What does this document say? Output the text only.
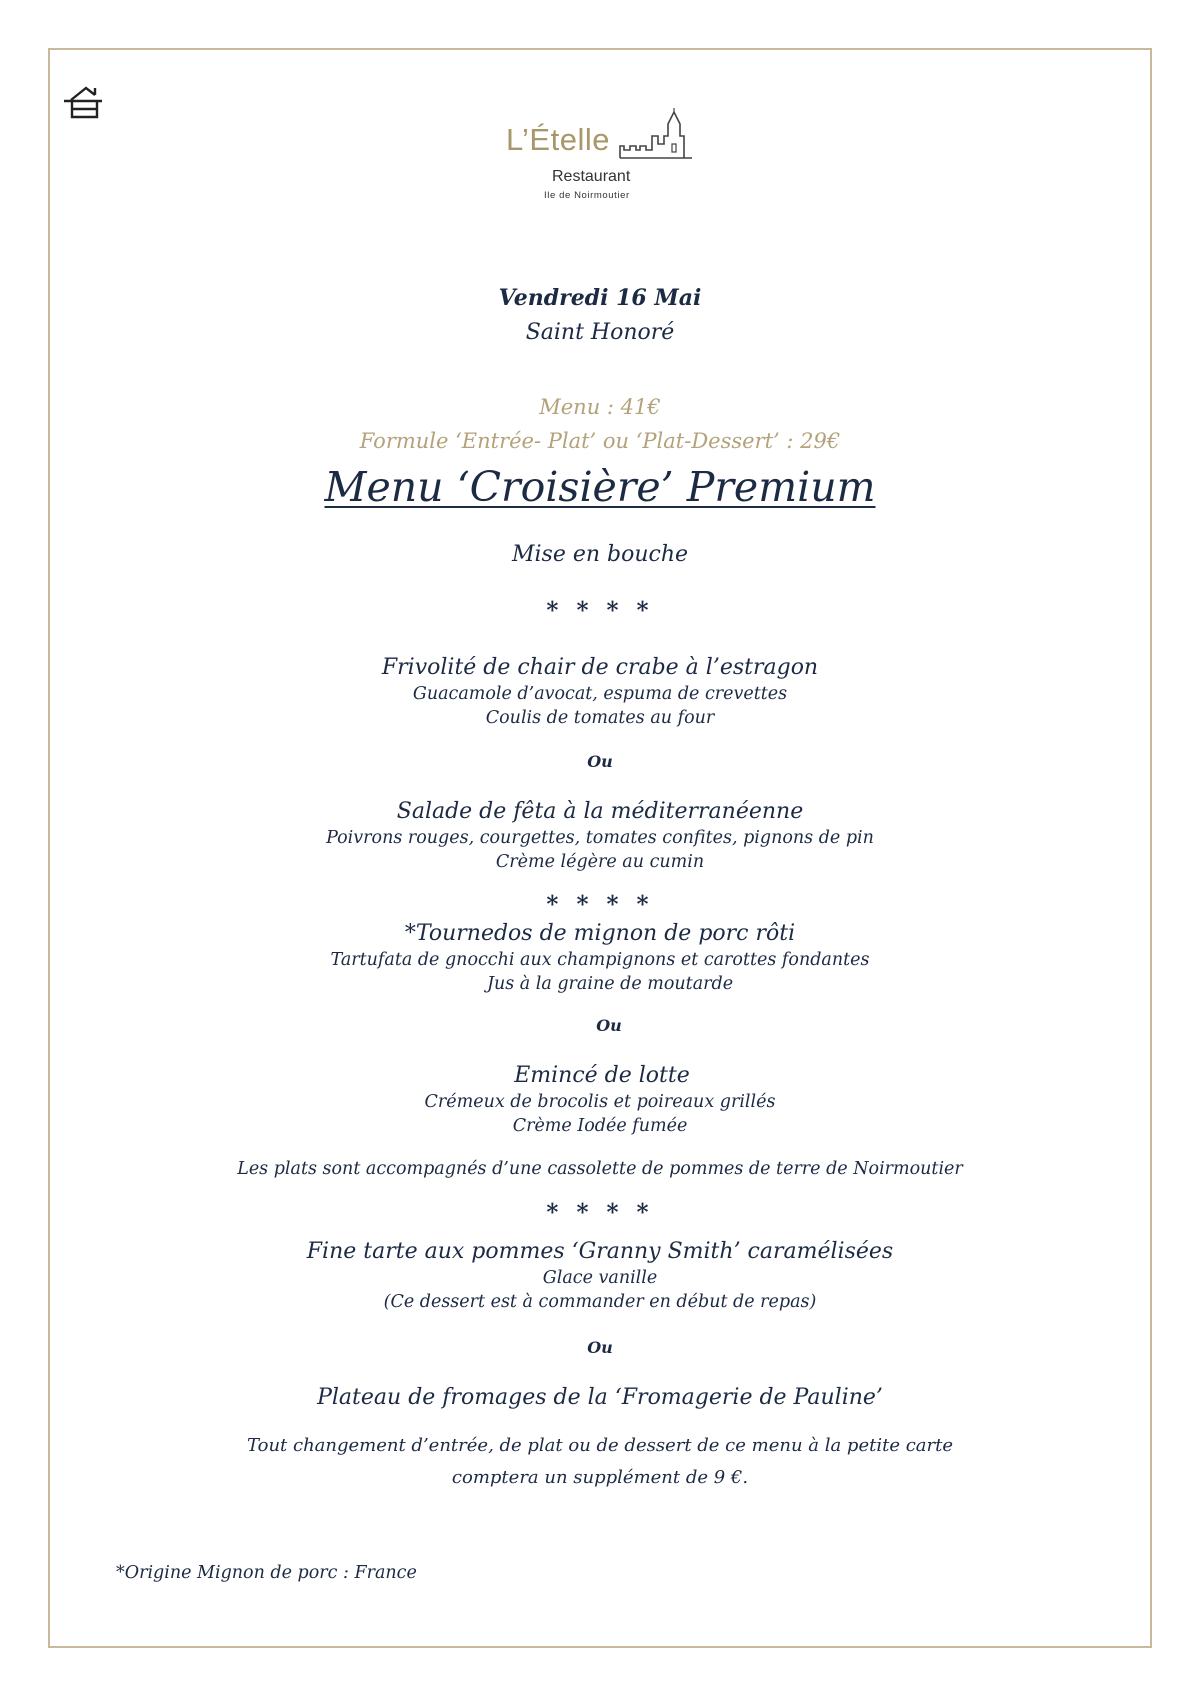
L’Ételle
Restaurant
Ile de Noirmoutier

Vendredi 16 Mai

Saint Honoré

Menu : 41€

Formule ‘Entrée- Plat’ ou ‘Plat-Dessert’ : 29€

Menu ‘Croisière’ Premium

Mise en bouche

* * * *

Frivolité de chair de crabe à l’estragon

Guacamole d’avocat, espuma de crevettes

Coulis de tomates au four

Ou

Salade de fêta à la méditerranéenne

Poivrons rouges, courgettes, tomates confites, pignons de pin

Crème légère au cumin

* * * *

*Tournedos de mignon de porc rôti

Tartufata de gnocchi aux champignons et carottes fondantes

Jus à la graine de moutarde

Ou

Emincé de lotte

Crémeux de brocolis et poireaux grillés

Crème Iodée fumée

Les plats sont accompagnés d’une cassolette de pommes de terre de Noirmoutier

* * * *

Fine tarte aux pommes ‘Granny Smith’ caramélisées

Glace vanille

(Ce dessert est à commander en début de repas)

Ou

Plateau de fromages de la ‘Fromagerie de Pauline’

Tout changement d’entrée, de plat ou de dessert de ce menu à la petite carte

comptera un supplément de 9 €.

*Origine Mignon de porc : France
